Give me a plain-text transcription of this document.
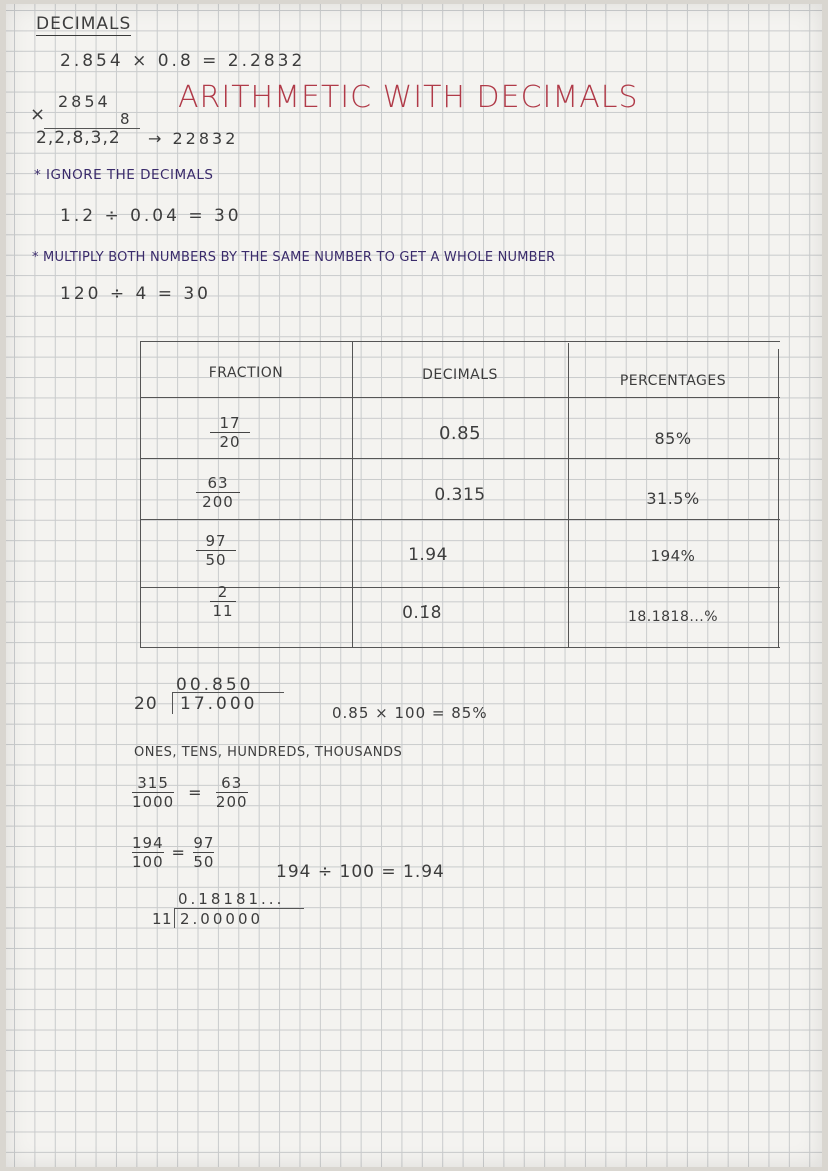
DECIMALS
2.854 × 0.8 = 2.2832
ARITHMETIC WITH DECIMALS
×
2854
8
2,2,8,3,2 → 22832
* IGNORE THE DECIMALS
1.2 ÷ 0.04 = 30
* MULTIPLY BOTH NUMBERS BY THE SAME NUMBER TO GET A WHOLE NUMBER
120 ÷ 4 = 30
FRACTION	DECIMALS	PERCENTAGES
$\frac{17}{20}$	0.85	85%
$\frac{63}{200}$	0.315	31.5%
$\frac{97}{50}$	1.94	194%
$\frac{2}{11}$	0.1̇8̇	18.1818...%
00.850
20 17.000	0.85 × 100 = 85%
ONES, TENS, HUNDREDS, THOUSANDS
$\frac{315}{1000} = \frac{63}{200}$
$\frac{194}{100} = \frac{97}{50}$
194 ÷ 100 = 1.94
0.18181...
11 2.00000
